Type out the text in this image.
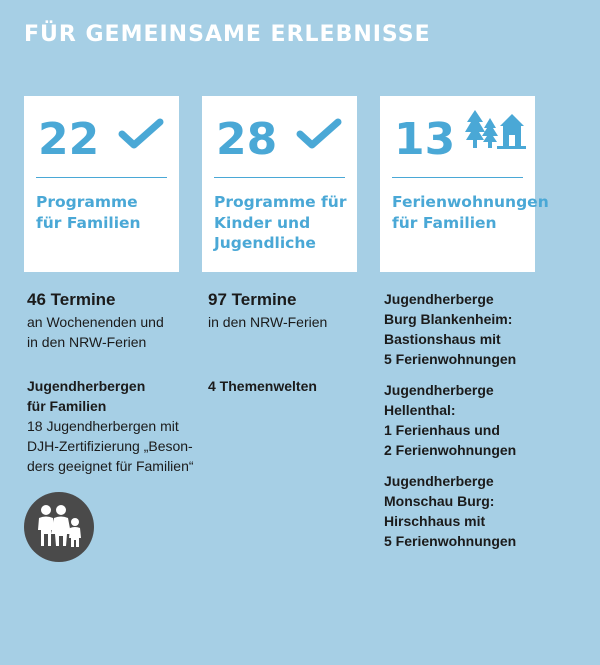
FÜR GEMEINSAME ERLEBNISSE
22
Programme
für Familien
28
Programme für
Kinder und
Jugendliche
13
Ferienwohnungen
für Familien
46 Termine
an Wochenenden und
in den NRW-Ferien
Jugendherbergen
für Familien
18 Jugendherbergen mit
DJH-Zertifizierung „Beson-
ders geeignet für Familien“
97 Termine
in den NRW-Ferien
4 Themenwelten
Jugendherberge
Burg Blankenheim:
Bastionshaus mit
5 Ferienwohnungen
Jugendherberge
Hellenthal:
1 Ferienhaus und
2 Ferienwohnungen
Jugendherberge
Monschau Burg:
Hirschhaus mit
5 Ferienwohnungen
